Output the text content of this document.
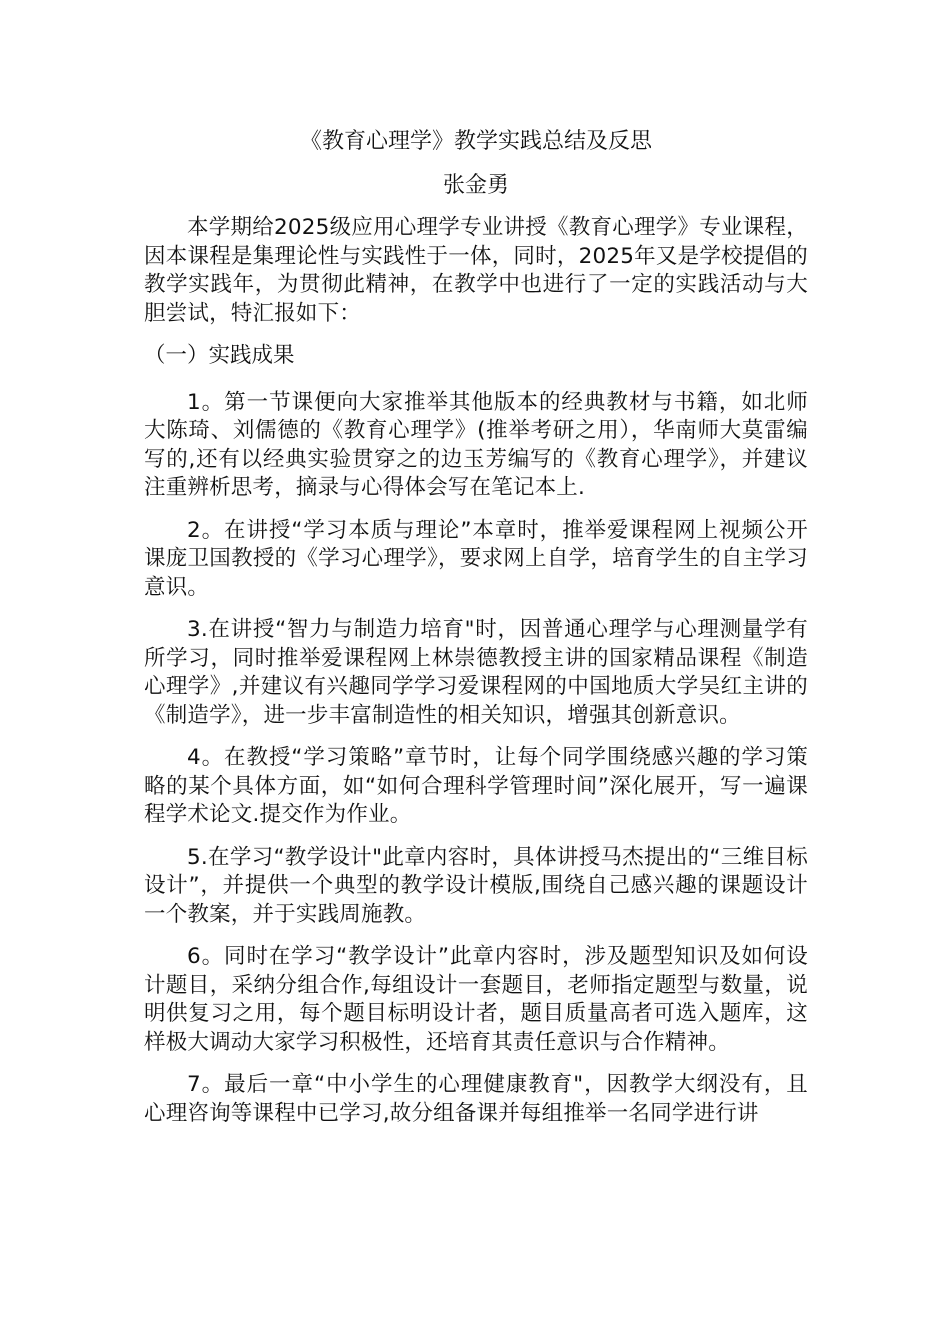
《教育心理学》教学实践总结及反思
张金勇

本学期给2025级应用心理学专业讲授《教育心理学》专业课程，因本课程是集理论性与实践性于一体，同时，2025年又是学校提倡的教学实践年，为贯彻此精神，在教学中也进行了一定的实践活动与大胆尝试，特汇报如下：

（一）实践成果

1。第一节课便向大家推举其他版本的经典教材与书籍，如北师大陈琦、刘儒德的《教育心理学》(推举考研之用），华南师大莫雷编写的,还有以经典实验贯穿之的边玉芳编写的《教育心理学》，并建议注重辨析思考，摘录与心得体会写在笔记本上.

2。在讲授“学习本质与理论”本章时，推举爱课程网上视频公开课庞卫国教授的《学习心理学》，要求网上自学，培育学生的自主学习意识。

3.在讲授“智力与制造力培育"时，因普通心理学与心理测量学有所学习，同时推举爱课程网上林崇德教授主讲的国家精品课程《制造心理学》,并建议有兴趣同学学习爱课程网的中国地质大学吴红主讲的《制造学》，进一步丰富制造性的相关知识，增强其创新意识。

4。在教授“学习策略”章节时，让每个同学围绕感兴趣的学习策略的某个具体方面，如“如何合理科学管理时间”深化展开，写一遍课程学术论文.提交作为作业。

5.在学习“教学设计"此章内容时，具体讲授马杰提出的“三维目标设计”，并提供一个典型的教学设计模版,围绕自己感兴趣的课题设计一个教案，并于实践周施教。

6。同时在学习“教学设计”此章内容时，涉及题型知识及如何设计题目，采纳分组合作,每组设计一套题目，老师指定题型与数量，说明供复习之用，每个题目标明设计者，题目质量高者可选入题库，这样极大调动大家学习积极性，还培育其责任意识与合作精神。

7。最后一章“中小学生的心理健康教育"，因教学大纲没有，且心理咨询等课程中已学习,故分组备课并每组推举一名同学进行讲
